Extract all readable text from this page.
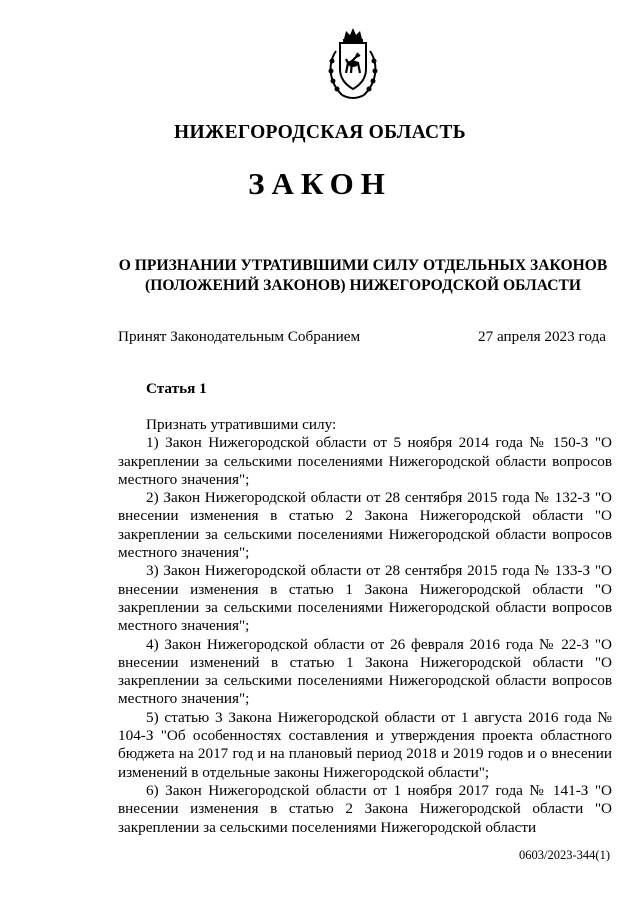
НИЖЕГОРОДСКАЯ ОБЛАСТЬ
ЗАКОН
О ПРИЗНАНИИ УТРАТИВШИМИ СИЛУ ОТДЕЛЬНЫХ ЗАКОНОВ
(ПОЛОЖЕНИЙ ЗАКОНОВ) НИЖЕГОРОДСКОЙ ОБЛАСТИ
Принят Законодательным Собранием	27 апреля 2023 года
Статья 1

Признать утратившими силу:

1) Закон Нижегородской области от 5 ноября 2014 года № 150-З "О закреплении за сельскими поселениями Нижегородской области вопросов местного значения";

2) Закон Нижегородской области от 28 сентября 2015 года № 132-З "О внесении изменения в статью 2 Закона Нижегородской области "О закреплении за сельскими поселениями Нижегородской области вопросов местного значения";

3) Закон Нижегородской области от 28 сентября 2015 года № 133-З "О внесении изменения в статью 1 Закона Нижегородской области "О закреплении за сельскими поселениями Нижегородской области вопросов местного значения";

4) Закон Нижегородской области от 26 февраля 2016 года № 22-З "О внесении изменений в статью 1 Закона Нижегородской области "О закреплении за сельскими поселениями Нижегородской области вопросов местного значения";

5) статью 3 Закона Нижегородской области от 1 августа 2016 года № 104-З "Об особенностях составления и утверждения проекта областного бюджета на 2017 год и на плановый период 2018 и 2019 годов и о внесении изменений в отдельные законы Нижегородской области";

6) Закон Нижегородской области от 1 ноября 2017 года № 141-З "О внесении изменения в статью 2 Закона Нижегородской области "О закреплении за сельскими поселениями Нижегородской области

0603/2023-344(1)
